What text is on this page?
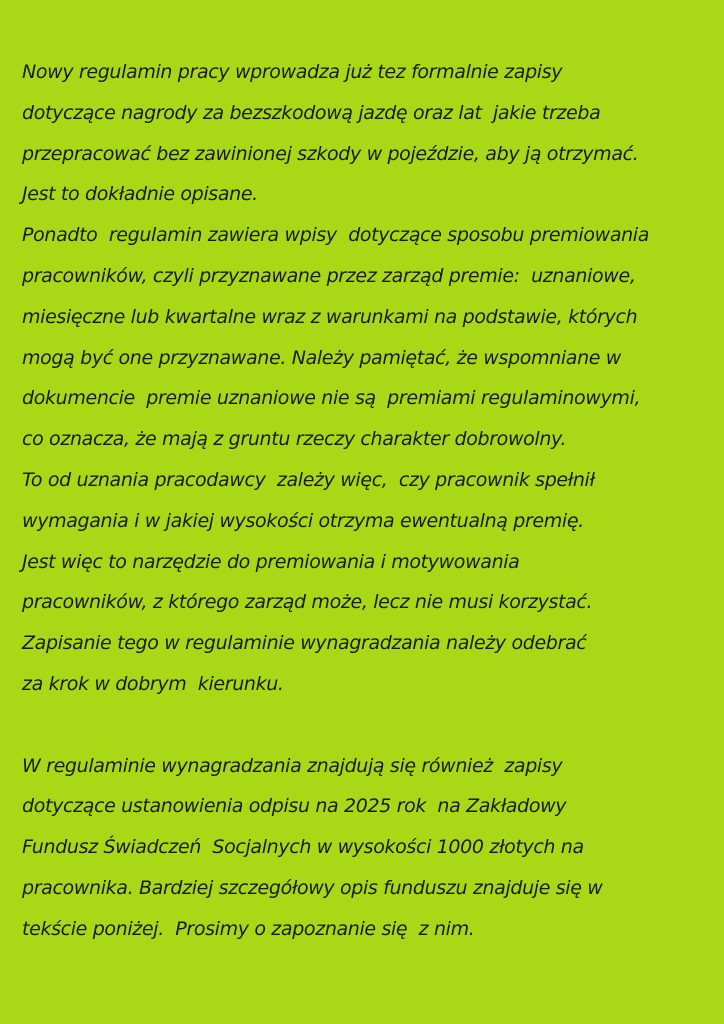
Nowy regulamin pracy wprowadza już tez formalnie zapisy
dotyczące nagrody za bezszkodową jazdę oraz lat  jakie trzeba
przepracować bez zawinionej szkody w pojeździe, aby ją otrzymać.
Jest to dokładnie opisane.
Ponadto  regulamin zawiera wpisy  dotyczące sposobu premiowania
pracowników, czyli przyznawane przez zarząd premie:  uznaniowe,
miesięczne lub kwartalne wraz z warunkami na podstawie, których
mogą być one przyznawane. Należy pamiętać, że wspomniane w
dokumencie  premie uznaniowe nie są  premiami regulaminowymi,
co oznacza, że mają z gruntu rzeczy charakter dobrowolny.
To od uznania pracodawcy  zależy więc,  czy pracownik spełnił
wymagania i w jakiej wysokości otrzyma ewentualną premię.
Jest więc to narzędzie do premiowania i motywowania
pracowników, z którego zarząd może, lecz nie musi korzystać.
Zapisanie tego w regulaminie wynagradzania należy odebrać
za krok w dobrym  kierunku.
W regulaminie wynagradzania znajdują się również  zapisy
dotyczące ustanowienia odpisu na 2025 rok  na Zakładowy
Fundusz Świadczeń  Socjalnych w wysokości 1000 złotych na
pracownika. Bardziej szczegółowy opis funduszu znajduje się w
tekście poniżej.  Prosimy o zapoznanie się  z nim.
